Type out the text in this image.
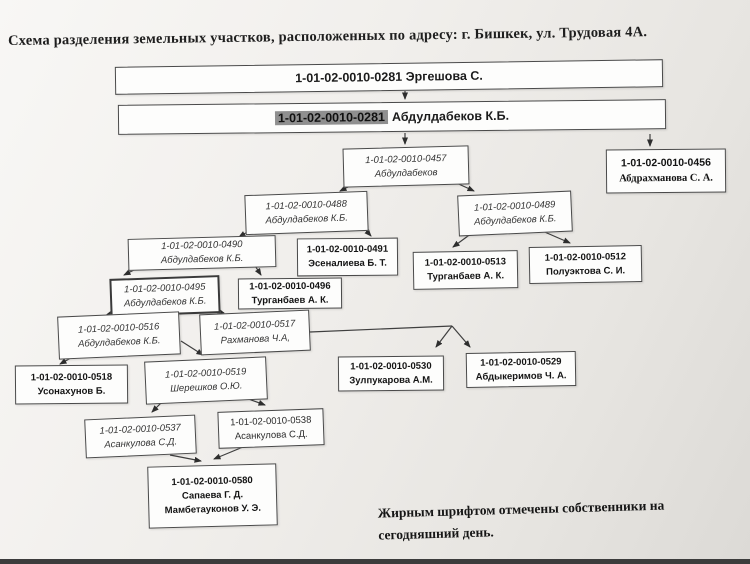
Схема разделения земельных участков, расположенных по адресу: г. Бишкек, ул. Трудовая 4А.
1-01-02-0010-0281 Эргешова С.
1-01-02-0010-0281 Абдулдабеков К.Б.
1-01-02-0010-0457
Абдулдабеков
1-01-02-0010-0456
Абдрахманова С. А.
1-01-02-0010-0488
Абдулдабеков К.Б.
1-01-02-0010-0489
Абдулдабеков К.Б.
1-01-02-0010-0490
Абдулдабеков К.Б.
1-01-02-0010-0491
Эсеналиева Б. Т.	1-01-02-0010-0513
Турганбаев А. К.
1-01-02-0010-0512
Полуэктова С. И.
1-01-02-0010-0495
Абдулдабеков К.Б.
1-01-02-0010-0496
Турганбаев А. К.
1-01-02-0010-0516
Абдулдабеков К.Б.
1-01-02-0010-0517
Рахманова Ч.А,
1-01-02-0010-0518
Усонахунов Б.
1-01-02-0010-0519
Шерешков О.Ю.
1-01-02-0010-0530
Зулпукарова А.М.
1-01-02-0010-0529
Абдыкеримов Ч. А.
1-01-02-0010-0537
Асанкулова С.Д.
1-01-02-0010-0538
Асанкулова С.Д.
1-01-02-0010-0580
Сапаева Г. Д.
Мамбетауконов У. Э.	Жирным шрифтом отмечены собственники на
сегодняшний день.
